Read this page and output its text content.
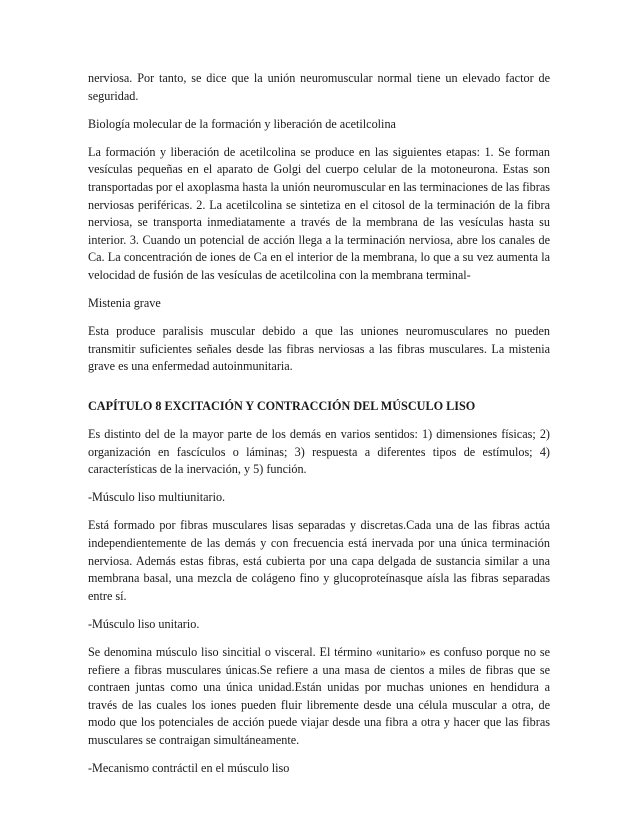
nerviosa. Por tanto, se dice que la unión neuromuscular normal tiene un elevado factor de seguridad.

Biología molecular de la formación y liberación de acetilcolina

La formación y liberación de acetilcolina se produce en las siguientes etapas: 1. Se forman vesículas pequeñas en el aparato de Golgi del cuerpo celular de la motoneurona. Estas son transportadas por el axoplasma hasta la unión neuromuscular en las terminaciones de las fibras nerviosas periféricas. 2. La acetilcolina se sintetiza en el citosol de la terminación de la fibra nerviosa, se transporta inmediatamente a través de la membrana de las vesículas hasta su interior. 3. Cuando un potencial de acción llega a la terminación nerviosa, abre los canales de Ca. La concentración de iones de Ca en el interior de la membrana, lo que a su vez aumenta la velocidad de fusión de las vesículas de acetilcolina con la membrana terminal-

Mistenia grave

Esta produce paralisis muscular debido a que las uniones neuromusculares no pueden transmitir suficientes señales desde las fibras nerviosas a las fibras musculares. La mistenia grave es una enfermedad autoinmunitaria.

CAPÍTULO 8 EXCITACIÓN Y CONTRACCIÓN DEL MÚSCULO LISO

Es distinto del de la mayor parte de los demás en varios sentidos: 1) dimensiones físicas; 2) organización en fascículos o láminas; 3) respuesta a diferentes tipos de estímulos; 4) características de la inervación, y 5) función.

-Músculo liso multiunitario.

Está formado por fibras musculares lisas separadas y discretas.Cada una de las fibras actúa independientemente de las demás y con frecuencia está inervada por una única terminación nerviosa. Además estas fibras, está cubierta por una capa delgada de sustancia similar a una membrana basal, una mezcla de colágeno fino y glucoproteínasque aísla las fibras separadas entre sí.

-Músculo liso unitario.

Se denomina músculo liso sincitial o visceral. El término «unitario» es confuso porque no se refiere a fibras musculares únicas.Se refiere a una masa de cientos a miles de fibras que se contraen juntas como una única unidad.Están unidas por muchas uniones en hendidura a través de las cuales los iones pueden fluir libremente desde una célula muscular a otra, de modo que los potenciales de acción puede viajar desde una fibra a otra y hacer que las fibras musculares se contraigan simultáneamente.

-Mecanismo contráctil en el músculo liso
